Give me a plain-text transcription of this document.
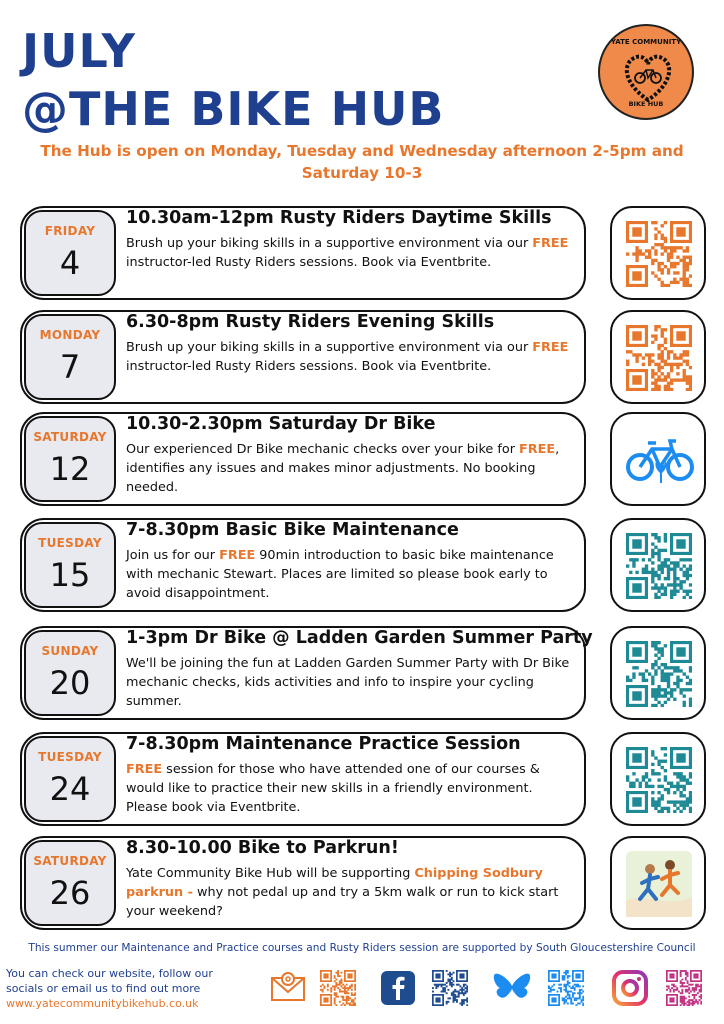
JULY
@THE BIKE HUB
YATE COMMUNITY
BIKE HUB
The Hub is open on Monday, Tuesday and Wednesday afternoon 2-5pm and Saturday 10-3
FRIDAY
4
10.30am-12pm Rusty Riders Daytime Skills
Brush up your biking skills in a supportive environment via our FREE instructor-led Rusty Riders sessions. Book via Eventbrite.
MONDAY
7
6.30-8pm Rusty Riders Evening Skills
Brush up your biking skills in a supportive environment via our FREE instructor-led Rusty Riders sessions. Book via Eventbrite.
SATURDAY
12
10.30-2.30pm Saturday Dr Bike
Our experienced Dr Bike mechanic checks over your bike for FREE, identifies any issues and makes minor adjustments. No booking needed.
TUESDAY
15
7-8.30pm Basic Bike Maintenance
Join us for our FREE 90min introduction to basic bike maintenance with mechanic Stewart. Places are limited so please book early to avoid disappointment.
SUNDAY
20
1-3pm Dr Bike @ Ladden Garden Summer Party
We'll be joining the fun at Ladden Garden Summer Party with Dr Bike mechanic checks, kids activities and info to inspire your cycling summer.
TUESDAY
24
7-8.30pm Maintenance Practice Session
FREE session for those who have attended one of our courses & would like to practice their new skills in a friendly environment. Please book via Eventbrite.
SATURDAY
26
8.30-10.00 Bike to Parkrun!
Yate Community Bike Hub will be supporting Chipping Sodbury parkrun - why not pedal up and try a 5km walk or run to kick start your weekend?
This summer our Maintenance and Practice courses and Rusty Riders session are supported by South Gloucestershire Council
You can check our website, follow our
socials or email us to find out more
www.yatecommunitybikehub.co.uk
